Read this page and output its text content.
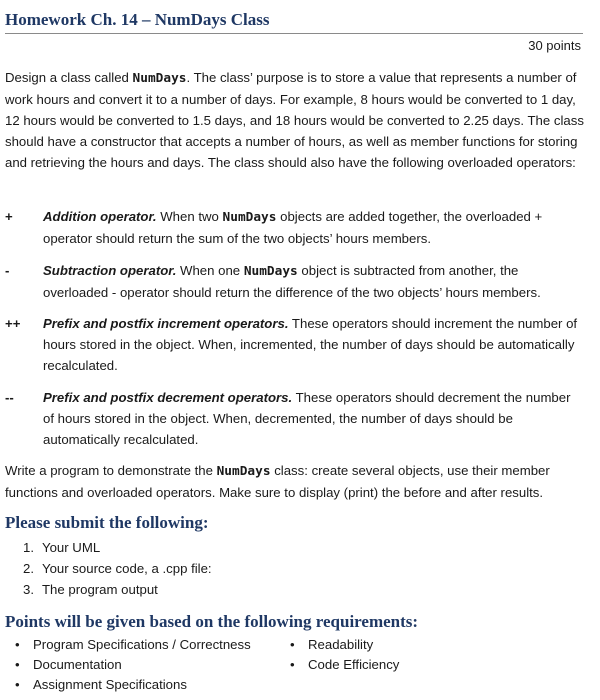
Homework Ch. 14 – NumDays Class
30 points

Design a class called NumDays. The class’ purpose is to store a value that represents a number of work hours and convert it to a number of days. For example, 8 hours would be converted to 1 day, 12 hours would be converted to 1.5 days, and 18 hours would be converted to 2.25 days. The class should have a constructor that accepts a number of hours, as well as member functions for storing and retrieving the hours and days. The class should also have the following overloaded operators:

+ Addition operator. When two NumDays objects are added together, the overloaded + operator should return the sum of the two objects’ hours members.
-	Subtraction operator. When one NumDays object is subtracted from another, the overloaded - operator should return the difference of the two objects’ hours members.
++ Prefix and postfix increment operators. These operators should increment the number of hours stored in the object. When, incremented, the number of days should be automatically recalculated.
-- Prefix and postfix decrement operators. These operators should decrement the number of hours stored in the object. When, decremented, the number of days should be automatically recalculated.
Write a program to demonstrate the NumDays class: create several objects, use their member functions and overloaded operators. Make sure to display (print) the before and after results.
Please submit the following:
1. Your UML
2. Your source code, a .cpp file:
3. The program output
Points will be given based on the following requirements:
• Program Specifications / Correctness
• Documentation
• Assignment Specifications
• Readability
• Code Efficiency
